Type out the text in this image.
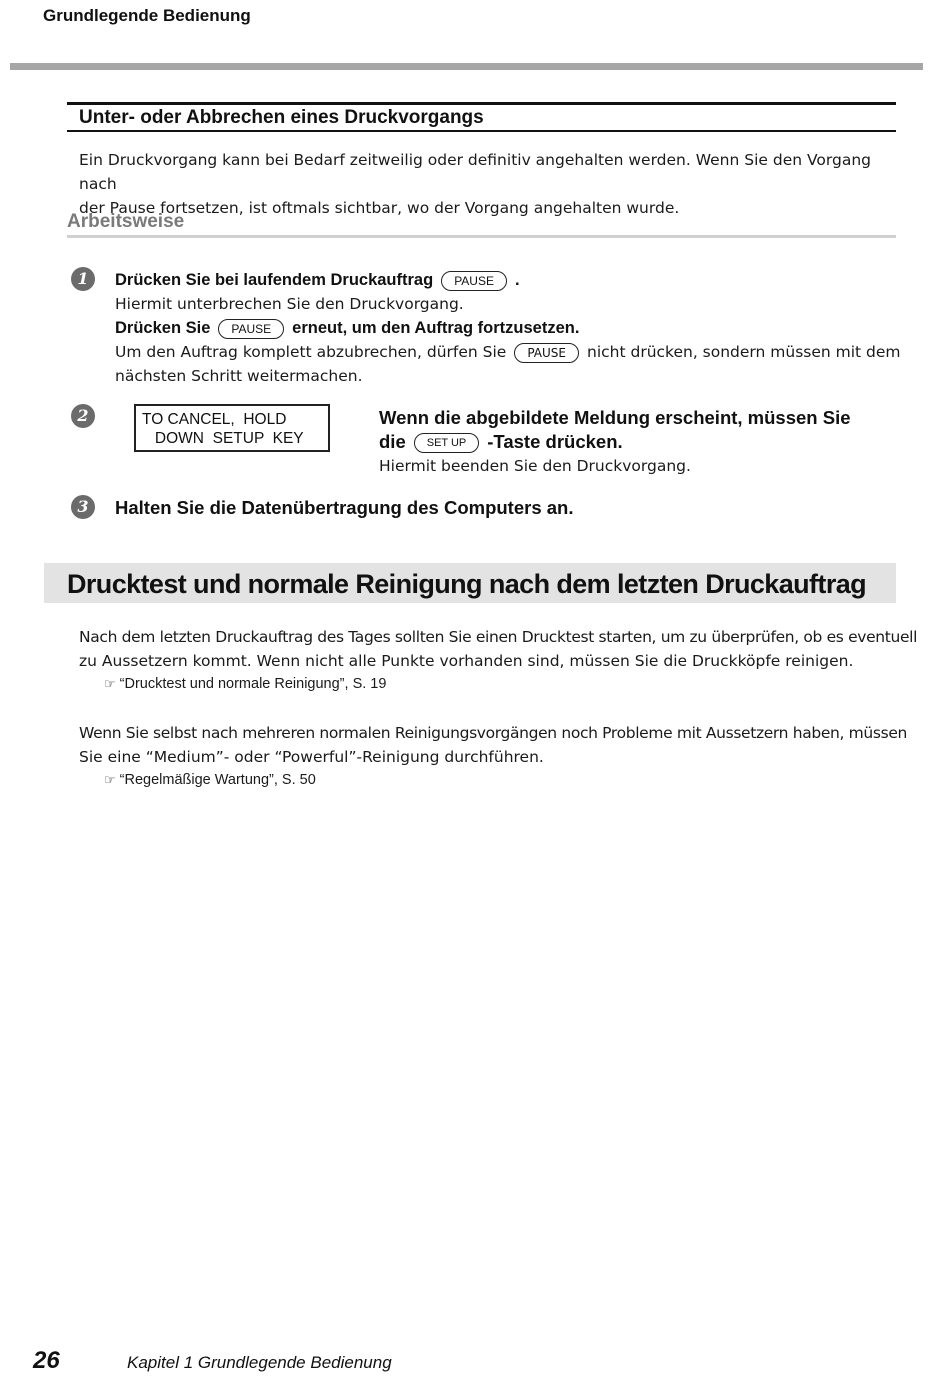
Grundlegende Bedienung
Unter- oder Abbrechen eines Druckvorgangs
Ein Druckvorgang kann bei Bedarf zeitweilig oder definitiv angehalten werden. Wenn Sie den Vorgang nach
der Pause fortsetzen, ist oftmals sichtbar, wo der Vorgang angehalten wurde.
Arbeitsweise
1	Drücken Sie bei laufendem Druckauftrag PAUSE .
Hiermit unterbrechen Sie den Druckvorgang.
Drücken Sie PAUSE erneut, um den Auftrag fortzusetzen.
Um den Auftrag komplett abzubrechen, dürfen Sie PAUSE nicht drücken, sondern müssen mit dem
nächsten Schritt weitermachen.
2	TO CANCEL,  HOLD
DOWN  SETUP  KEY
Wenn die abgebildete Meldung erscheint, müssen Sie
die SET UP -Taste drücken.
Hiermit beenden Sie den Druckvorgang.
3	Halten Sie die Datenübertragung des Computers an.
Drucktest und normale Reinigung nach dem letzten Druckauftrag
Nach dem letzten Druckauftrag des Tages sollten Sie einen Drucktest starten, um zu überprüfen, ob es eventuell
zu Aussetzern kommt. Wenn nicht alle Punkte vorhanden sind, müssen Sie die Druckköpfe reinigen.
☞ “Drucktest und normale Reinigung”, S. 19
Wenn Sie selbst nach mehreren normalen Reinigungsvorgängen noch Probleme mit Aussetzern haben, müssen
Sie eine “Medium”- oder “Powerful”-Reinigung durchführen.
☞ “Regelmäßige Wartung”, S. 50
26	Kapitel 1 Grundlegende Bedienung
